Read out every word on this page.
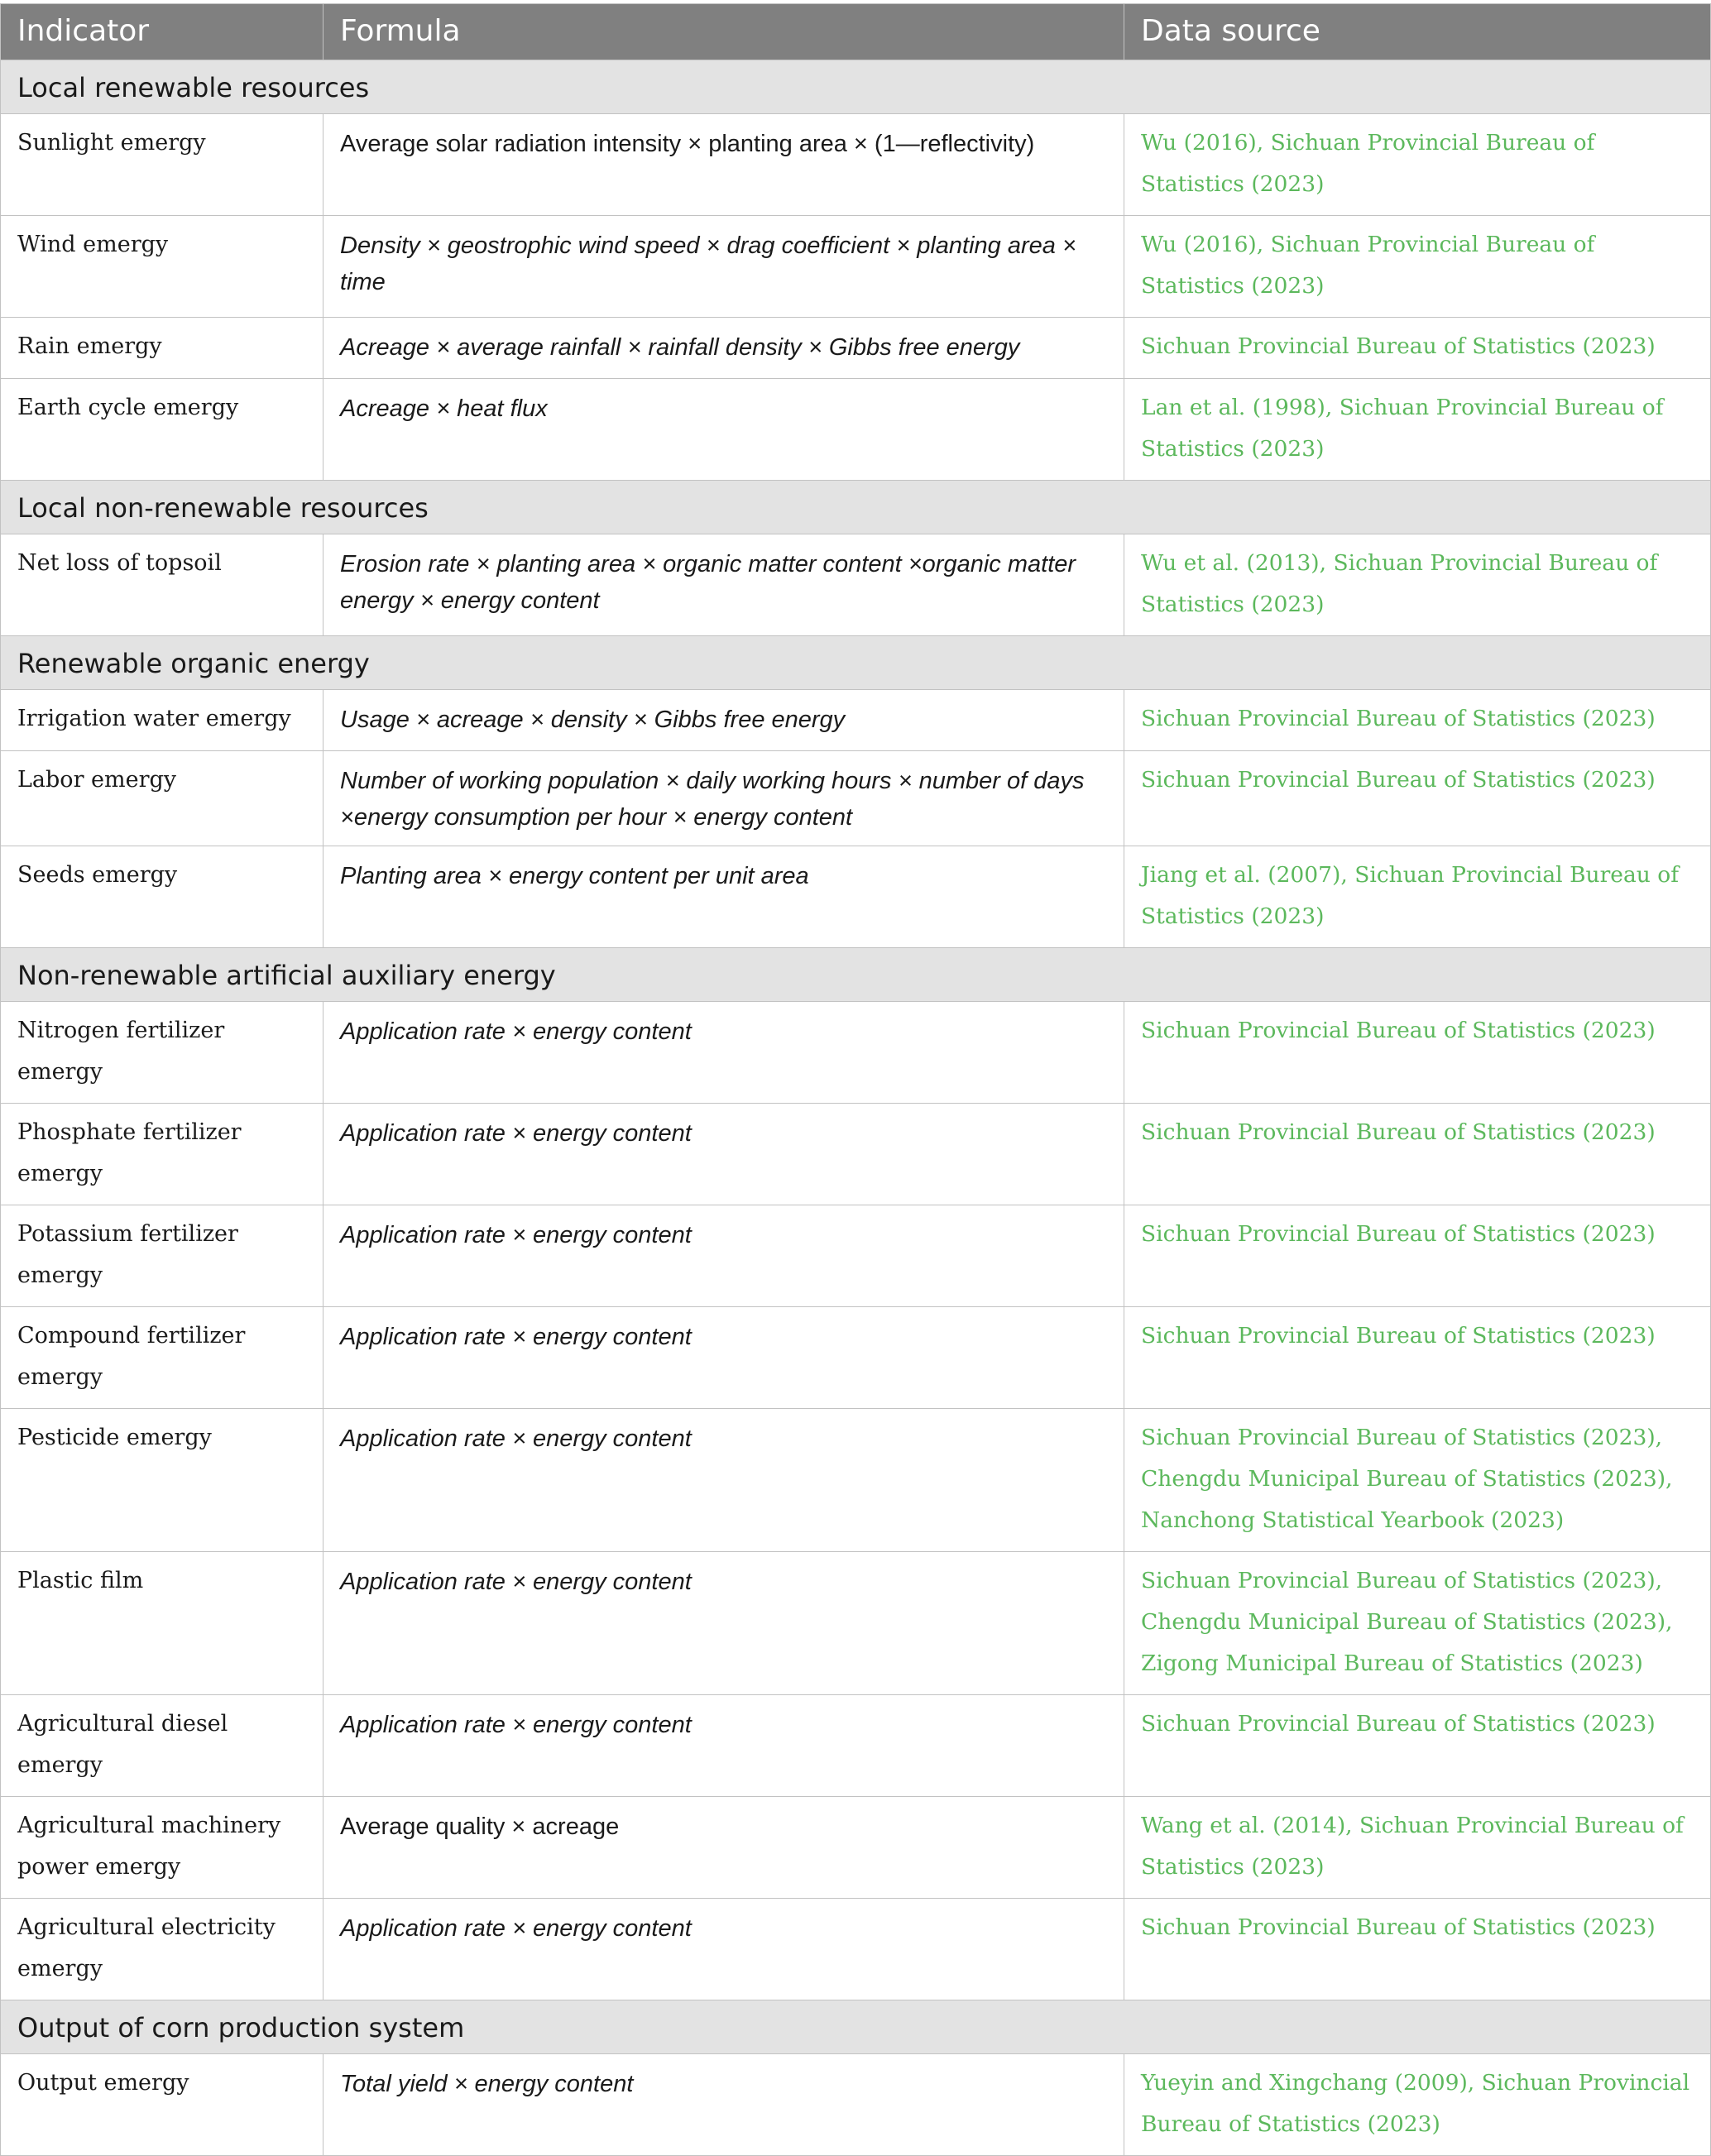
Indicator	Formula	Data source
Local renewable resources		
Sunlight emergy	Average solar radiation intensity × planting area × (1—reflectivity)	Wu (2016), Sichuan Provincial Bureau of Statistics (2023)
Wind emergy	Density × geostrophic wind speed × drag coefficient × planting area × time	Wu (2016), Sichuan Provincial Bureau of Statistics (2023)
Rain emergy	Acreage × average rainfall × rainfall density × Gibbs free energy	Sichuan Provincial Bureau of Statistics (2023)
Earth cycle emergy	Acreage × heat flux	Lan et al. (1998), Sichuan Provincial Bureau of Statistics (2023)
Local non-renewable resources		
Net loss of topsoil	Erosion rate × planting area × organic matter content ×organic matter energy × energy content	Wu et al. (2013), Sichuan Provincial Bureau of Statistics (2023)
Renewable organic energy		
Irrigation water emergy	Usage × acreage × density × Gibbs free energy	Sichuan Provincial Bureau of Statistics (2023)
Labor emergy	Number of working population × daily working hours × number of days ×energy consumption per hour × energy content	Sichuan Provincial Bureau of Statistics (2023)
Seeds emergy	Planting area × energy content per unit area	Jiang et al. (2007), Sichuan Provincial Bureau of Statistics (2023)
Non-renewable artificial auxiliary energy		
Nitrogen fertilizer emergy	Application rate × energy content	Sichuan Provincial Bureau of Statistics (2023)
Phosphate fertilizer emergy	Application rate × energy content	Sichuan Provincial Bureau of Statistics (2023)
Potassium fertilizer emergy	Application rate × energy content	Sichuan Provincial Bureau of Statistics (2023)
Compound fertilizer emergy	Application rate × energy content	Sichuan Provincial Bureau of Statistics (2023)
Pesticide emergy	Application rate × energy content	Sichuan Provincial Bureau of Statistics (2023), Chengdu Municipal Bureau of Statistics (2023), Nanchong Statistical Yearbook (2023)
Plastic film	Application rate × energy content	Sichuan Provincial Bureau of Statistics (2023), Chengdu Municipal Bureau of Statistics (2023), Zigong Municipal Bureau of Statistics (2023)
Agricultural diesel emergy	Application rate × energy content	Sichuan Provincial Bureau of Statistics (2023)
Agricultural machinery power emergy	Average quality × acreage	Wang et al. (2014), Sichuan Provincial Bureau of Statistics (2023)
Agricultural electricity emergy	Application rate × energy content	Sichuan Provincial Bureau of Statistics (2023)
Output of corn production system		
Output emergy	Total yield × energy content	Yueyin and Xingchang (2009), Sichuan Provincial Bureau of Statistics (2023)
